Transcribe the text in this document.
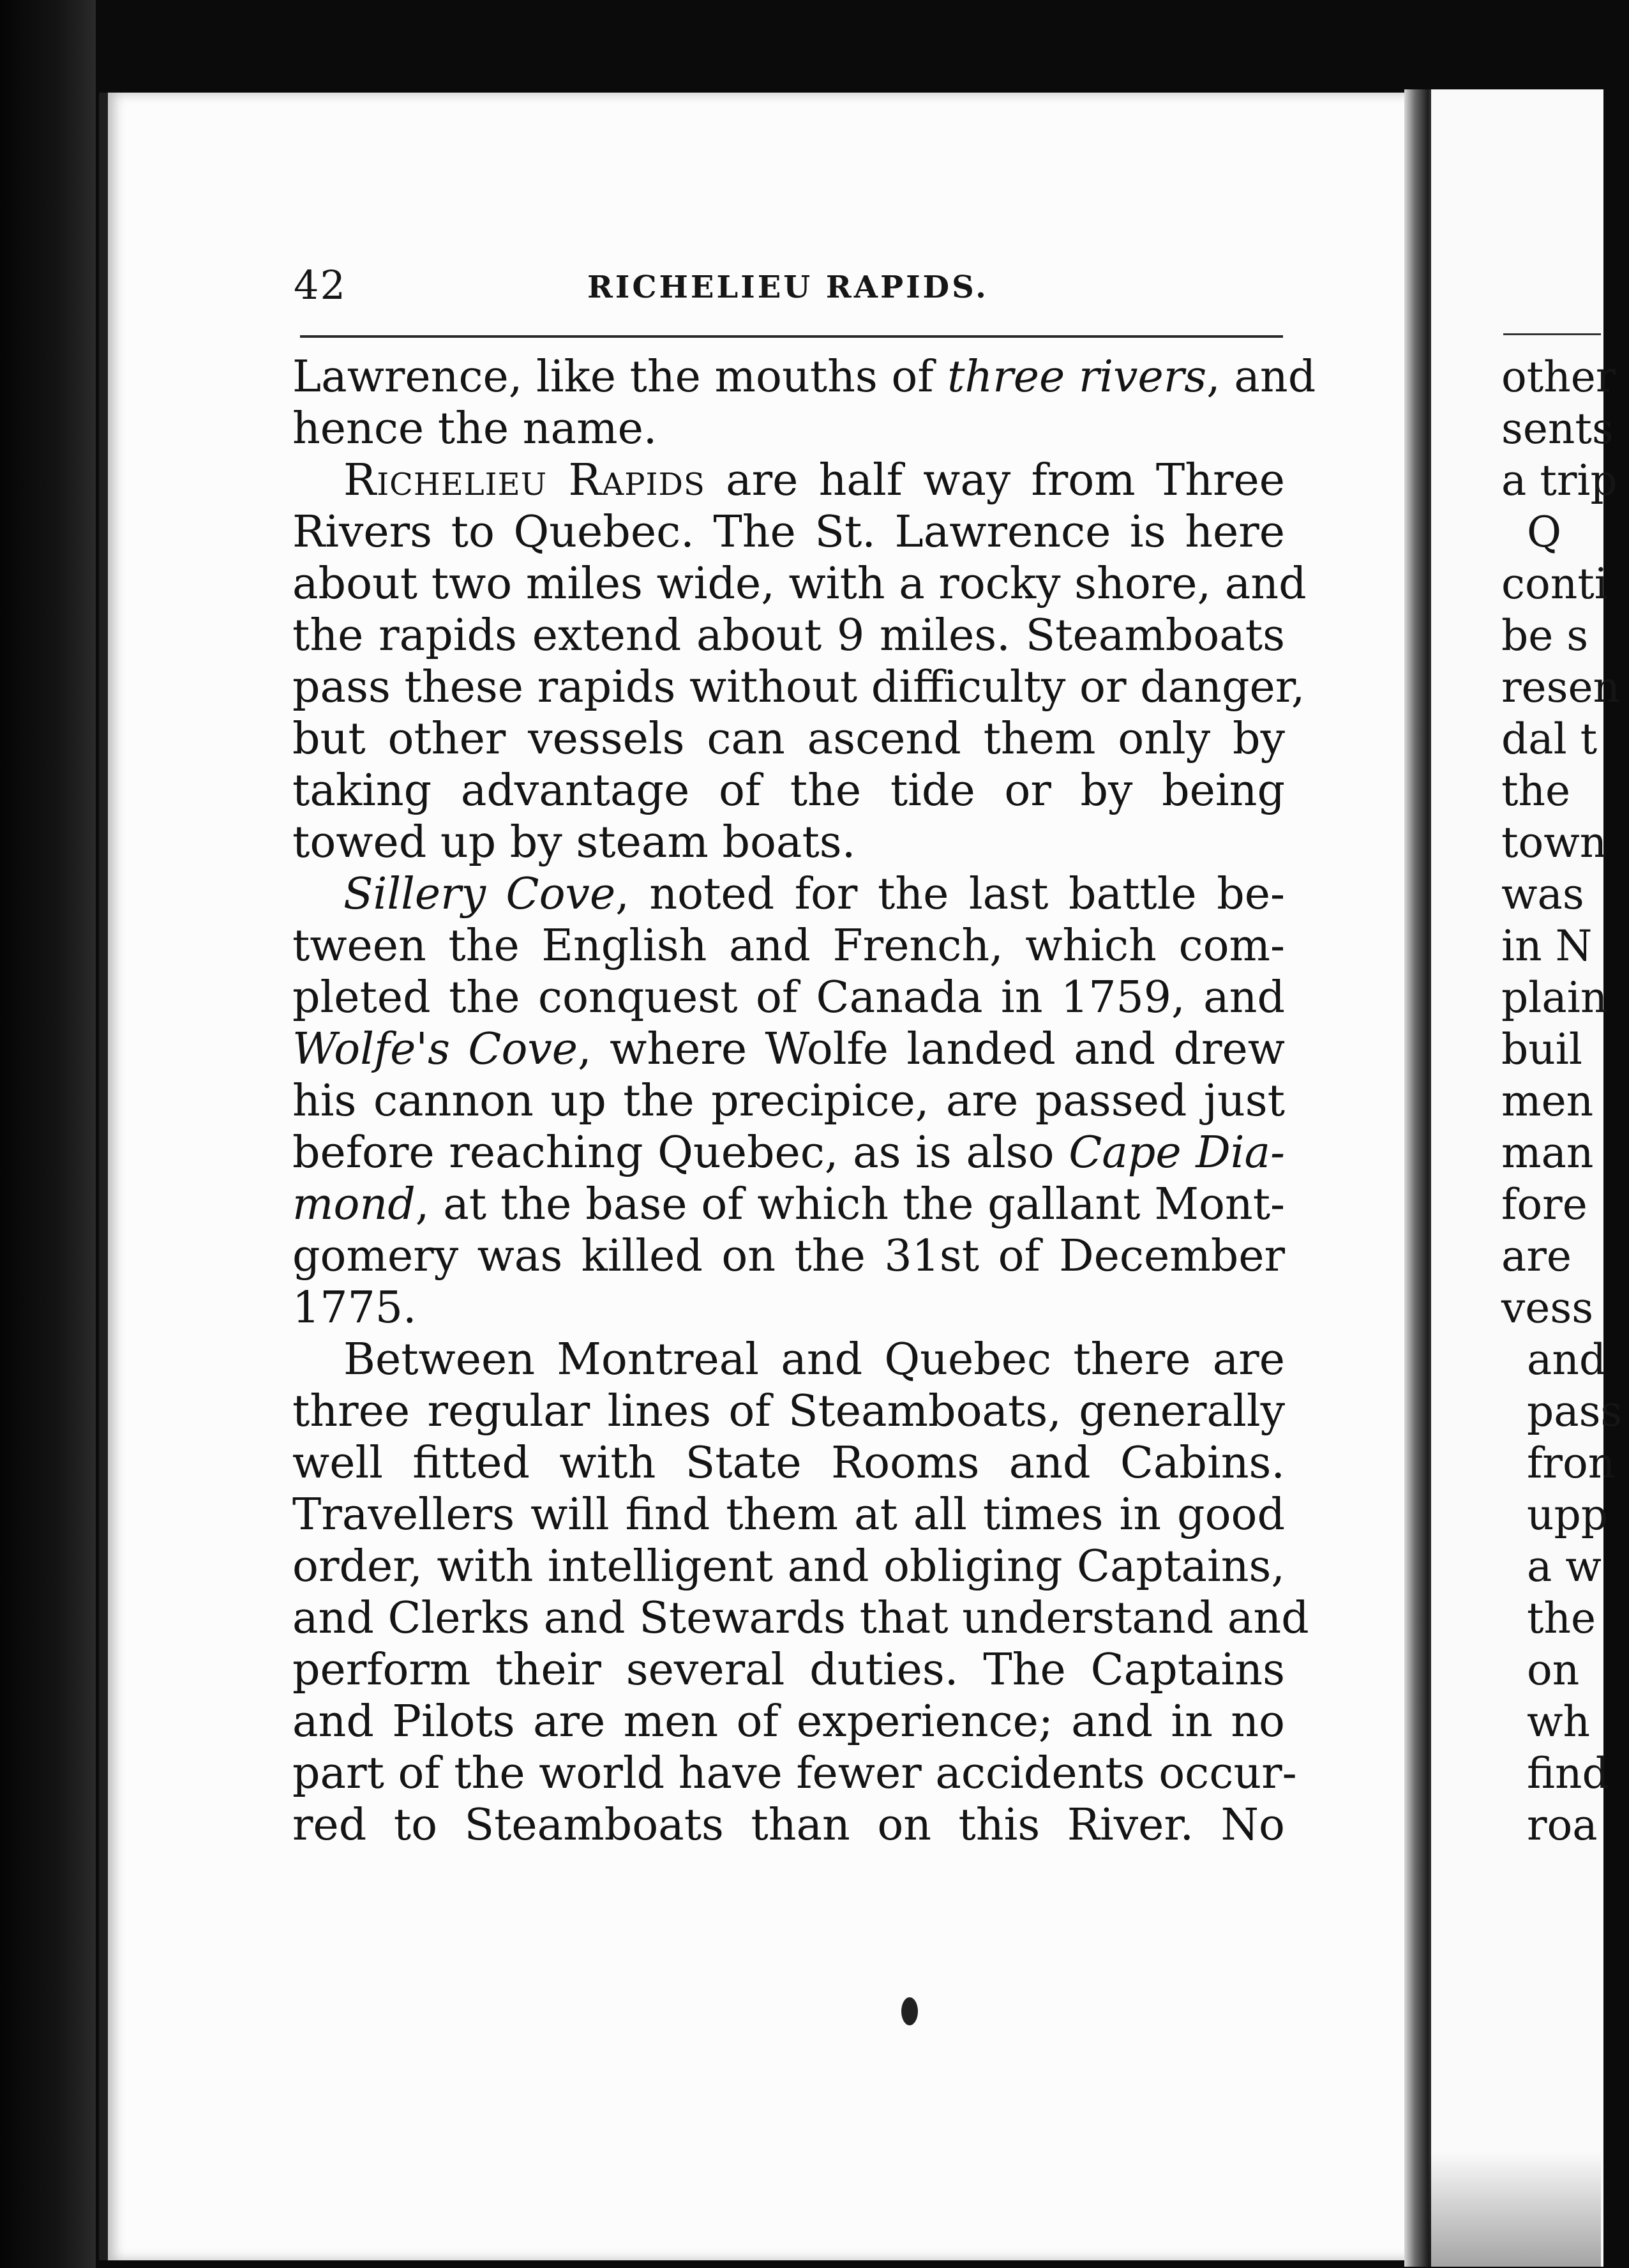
42	RICHELIEU RAPIDS.
Lawrence, like the mouths of three rivers, and
hence the name.
Richelieu Rapids are half way from Three
Rivers to Quebec. The St. Lawrence is here
about two miles wide, with a rocky shore, and
the rapids extend about 9 miles. Steamboats
pass these rapids without difficulty or danger,
but other vessels can ascend them only by
taking advantage of the tide or by being
towed up by steam boats.
Sillery Cove, noted for the last battle be-
tween the English and French, which com-
pleted the conquest of Canada in 1759, and
Wolfe's Cove, where Wolfe landed and drew
his cannon up the precipice, are passed just
before reaching Quebec, as is also Cape Dia-
mond, at the base of which the gallant Mont-
gomery was killed on the 31st of December
1775.
Between Montreal and Quebec there are
three regular lines of Steamboats, generally
well fitted with State Rooms and Cabins.
Travellers will find them at all times in good
order, with intelligent and obliging Captains,
and Clerks and Stewards that understand and
perform their several duties. The Captains
and Pilots are men of experience; and in no
part of the world have fewer accidents occur-
red to Steamboats than on this River. No
other
sents
a trip
Q
conti
be s
resen
dal t
the
town
was
in N
plain
buil
men
man
fore
are
vess
and
pass
fron
upp
a w
the
on
wh
find
roa
